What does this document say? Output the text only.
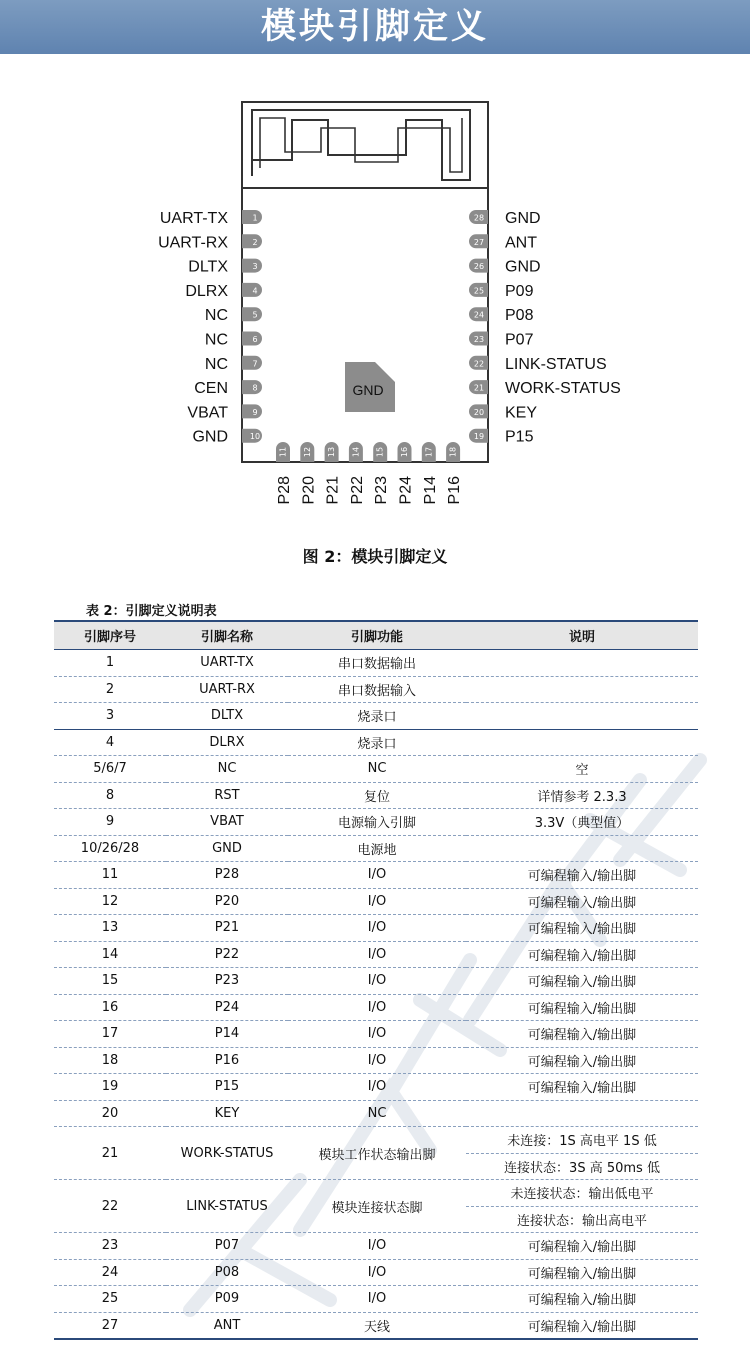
模块引脚定义
GND
1
UART-TX
2
UART-RX
3
DLTX
4
DLRX
5
NC
6
NC
7
NC
8
CEN
9
VBAT
10
GND
28 GND
27 ANT
26 GND
25 P09
24 P08
23 P07
22 LINK-STATUS
21 WORK-STATUS
20 KEY
19 P15
11
P28
12
P20
13
P21
14
P22
15
P23
16
P24
17
P14
18
P16
图 2：模块引脚定义
表 2：引脚定义说明表
引脚序号	引脚名称	引脚功能	说明
1	UART-TX	串口数据输出	
2	UART-RX	串口数据输入	
3	DLTX	烧录口	
4	DLRX	烧录口	
5/6/7	NC	NC	空
8	RST	复位	详情参考 2.3.3
9	VBAT	电源输入引脚	3.3V（典型值）
10/26/28	GND	电源地	
11	P28	I/O	可编程输入/输出脚
12	P20	I/O	可编程输入/输出脚
13	P21	I/O	可编程输入/输出脚
14	P22	I/O	可编程输入/输出脚
15	P23	I/O	可编程输入/输出脚
16	P24	I/O	可编程输入/输出脚
17	P14	I/O	可编程输入/输出脚
18	P16	I/O	可编程输入/输出脚
19	P15	I/O	可编程输入/输出脚
20	KEY	NC	
21	WORK-STATUS	模块工作状态输出脚	未连接：1S 高电平 1S 低
			连接状态：3S 高 50ms 低
22	LINK-STATUS	模块连接状态脚	未连接状态：输出低电平
			连接状态：输出高电平
23	P07	I/O	可编程输入/输出脚
24	P08	I/O	可编程输入/输出脚
25	P09	I/O	可编程输入/输出脚
27	ANT	天线	可编程输入/输出脚
